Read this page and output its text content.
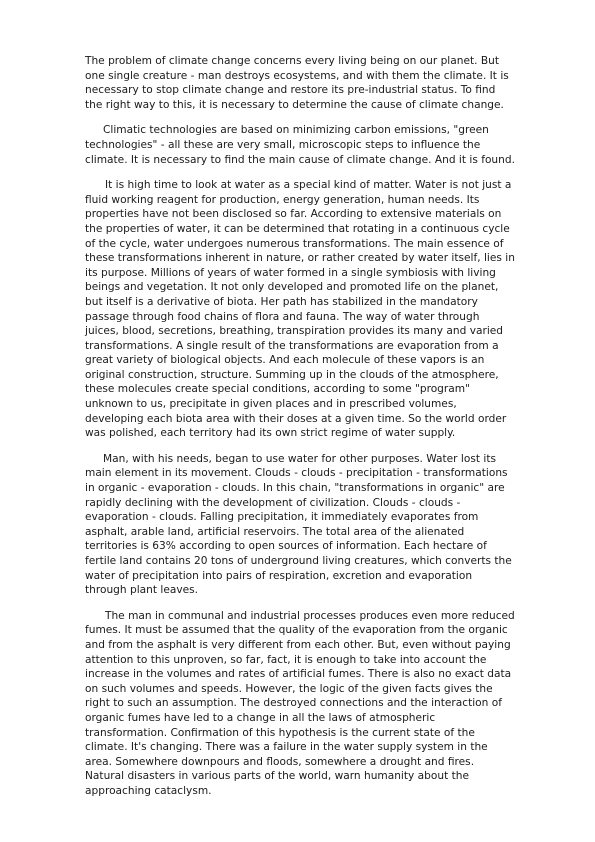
The problem of climate change concerns every living being on our planet. But one single creature - man destroys ecosystems, and with them the climate. It is necessary to stop climate change and restore its pre-industrial status. To find the right way to this, it is necessary to determine the cause of climate change.

Climatic technologies are based on minimizing carbon emissions, "green technologies" - all these are very small, microscopic steps to influence the climate. It is necessary to find the main cause of climate change. And it is found.

It is high time to look at water as a special kind of matter. Water is not just a fluid working reagent for production, energy generation, human needs. Its properties have not been disclosed so far. According to extensive materials on the properties of water, it can be determined that rotating in a continuous cycle of the cycle, water undergoes numerous transformations. The main essence of these transformations inherent in nature, or rather created by water itself, lies in its purpose. Millions of years of water formed in a single symbiosis with living beings and vegetation. It not only developed and promoted life on the planet, but itself is a derivative of biota. Her path has stabilized in the mandatory passage through food chains of flora and fauna. The way of water through juices, blood, secretions, breathing, transpiration provides its many and varied transformations. A single result of the transformations are evaporation from a great variety of biological objects. And each molecule of these vapors is an original construction, structure. Summing up in the clouds of the atmosphere, these molecules create special conditions, according to some "program" unknown to us, precipitate in given places and in prescribed volumes, developing each biota area with their doses at a given time. So the world order was polished, each territory had its own strict regime of water supply.

Man, with his needs, began to use water for other purposes. Water lost its main element in its movement. Clouds - clouds - precipitation - transformations in organic - evaporation - clouds. In this chain, "transformations in organic" are rapidly declining with the development of civilization. Clouds - clouds - evaporation - clouds. Falling precipitation, it immediately evaporates from asphalt, arable land, artificial reservoirs. The total area of the alienated territories is 63% according to open sources of information. Each hectare of fertile land contains 20 tons of underground living creatures, which converts the water of precipitation into pairs of respiration, excretion and evaporation through plant leaves.

The man in communal and industrial processes produces even more reduced fumes. It must be assumed that the quality of the evaporation from the organic and from the asphalt is very different from each other. But, even without paying attention to this unproven, so far, fact, it is enough to take into account the increase in the volumes and rates of artificial fumes. There is also no exact data on such volumes and speeds. However, the logic of the given facts gives the right to such an assumption. The destroyed connections and the interaction of organic fumes have led to a change in all the laws of atmospheric transformation. Confirmation of this hypothesis is the current state of the climate. It's changing. There was a failure in the water supply system in the area. Somewhere downpours and floods, somewhere a drought and fires. Natural disasters in various parts of the world, warn humanity about the approaching cataclysm.
